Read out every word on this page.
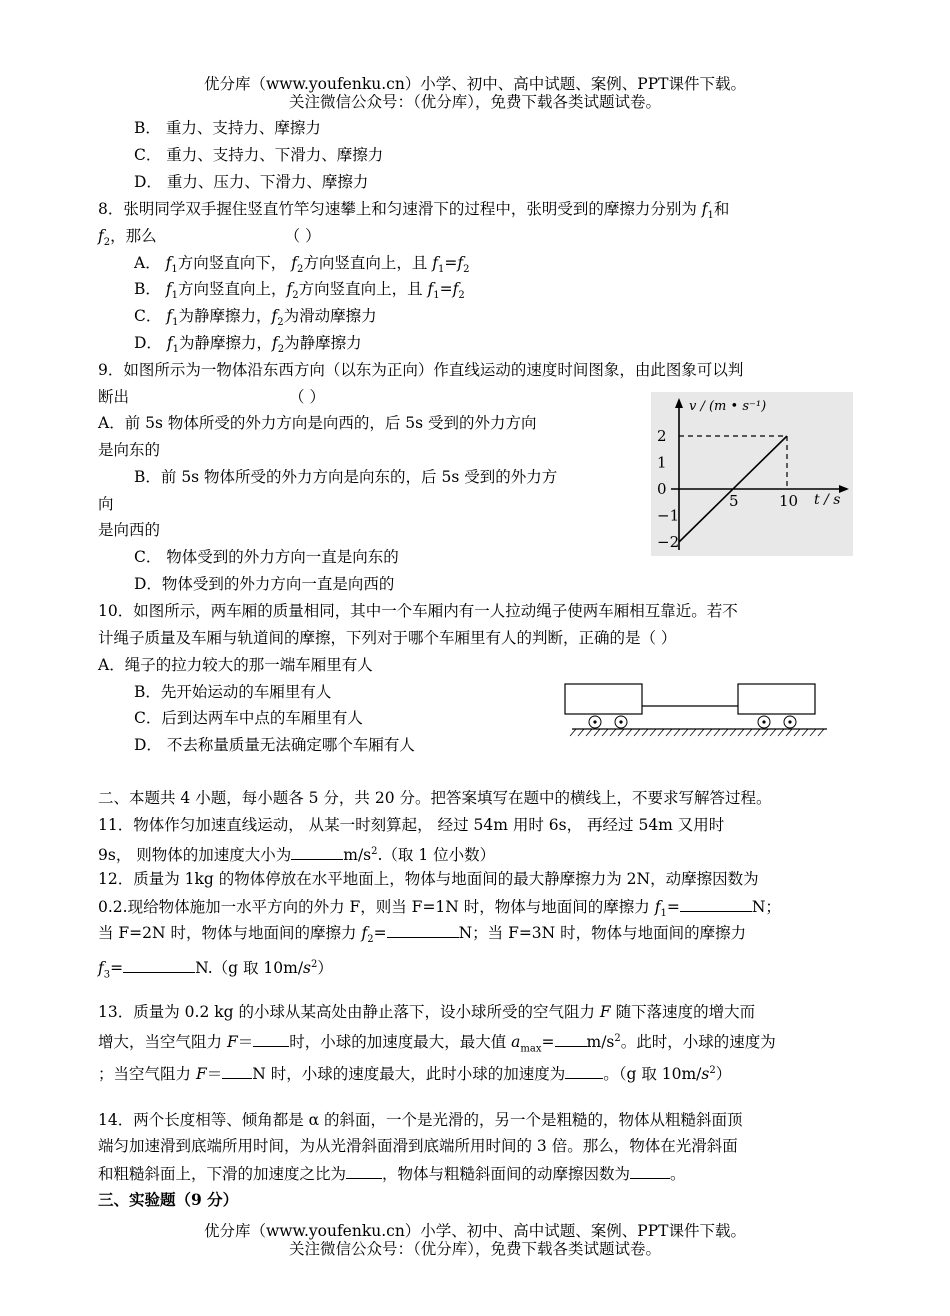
优分库（www.youfenku.cn）小学、初中、高中试题、案例、PPT课件下载。
关注微信公众号：（优分库），免费下载各类试题试卷。
B． 重力、支持力、摩擦力
C． 重力、支持力、下滑力、摩擦力
D． 重力、压力、下滑力、摩擦力
8．张明同学双手握住竖直竹竿匀速攀上和匀速滑下的过程中，张明受到的摩擦力分别为 $f_1$和
$f_2$，那么	（ ）
A． $f_1$方向竖直向下， $f_2$方向竖直向上，且 $f_1=f_2$
B． $f_1$方向竖直向上，$f_2$方向竖直向上，且 $f_1=f_2$
C． $f_1$为静摩擦力，$f_2$为滑动摩擦力
D． $f_1$为静摩擦力，$f_2$为静摩擦力
9．如图所示为一物体沿东西方向（以东为正向）作直线运动的速度时间图象，由此图象可以判
断出	（ ）
A．前 5s 物体所受的外力方向是向西的，后 5s 受到的外力方向
是向东的
B．前 5s 物体所受的外力方向是向东的，后 5s 受到的外力方
向
是向西的
C． 物体受到的外力方向一直是向东的
D．物体受到的外力方向一直是向西的
v / (m • s⁻¹)
t / s
2
1
0
−1
−2
5	10
10．如图所示，两车厢的质量相同，其中一个车厢内有一人拉动绳子使两车厢相互靠近。若不
计绳子质量及车厢与轨道间的摩擦，下列对于哪个车厢里有人的判断，正确的是（ ）
A．绳子的拉力较大的那一端车厢里有人
B．先开始运动的车厢里有人
C．后到达两车中点的车厢里有人
D． 不去称量质量无法确定哪个车厢有人
二、本题共 4 小题，每小题各 5 分，共 20 分。把答案填写在题中的横线上，不要求写解答过程。
11．物体作匀加速直线运动， 从某一时刻算起， 经过 54m 用时 6s， 再经过 54m 又用时
9s， 则物体的加速度大小为	$m/s^2$.（取 1 位小数）
12．质量为 1kg 的物体停放在水平地面上，物体与地面间的最大静摩擦力为 2N，动摩擦因数为
0.2.现给物体施加一水平方向的外力 F，则当 F=1N 时，物体与地面间的摩擦力 $f_1=$	N；
当 F=2N 时，物体与地面间的摩擦力 $f_2=$	N；当 F=3N 时，物体与地面间的摩擦力
$f_3=$	N.（g 取 $10m/s^2$）
13．质量为 0.2 kg 的小球从某高处由静止落下，设小球所受的空气阻力 F 随下落速度的增大而
增大，当空气阻力 F＝ 时，小球的加速度最大，最大值 $a_{max}= m/s^2$。此时，小球的速度为
；当空气阻力 F＝ N 时，小球的速度最大，此时小球的加速度为 。（g 取 $10m/s^2$）
14．两个长度相等、倾角都是 α 的斜面，一个是光滑的，另一个是粗糙的，物体从粗糙斜面顶
端匀加速滑到底端所用时间，为从光滑斜面滑到底端所用时间的 3 倍。那么，物体在光滑斜面
和粗糙斜面上，下滑的加速度之比为 ，物体与粗糙斜面间的动摩擦因数为	。
三、实验题（9 分）
优分库（www.youfenku.cn）小学、初中、高中试题、案例、PPT课件下载。
关注微信公众号：（优分库），免费下载各类试题试卷。
